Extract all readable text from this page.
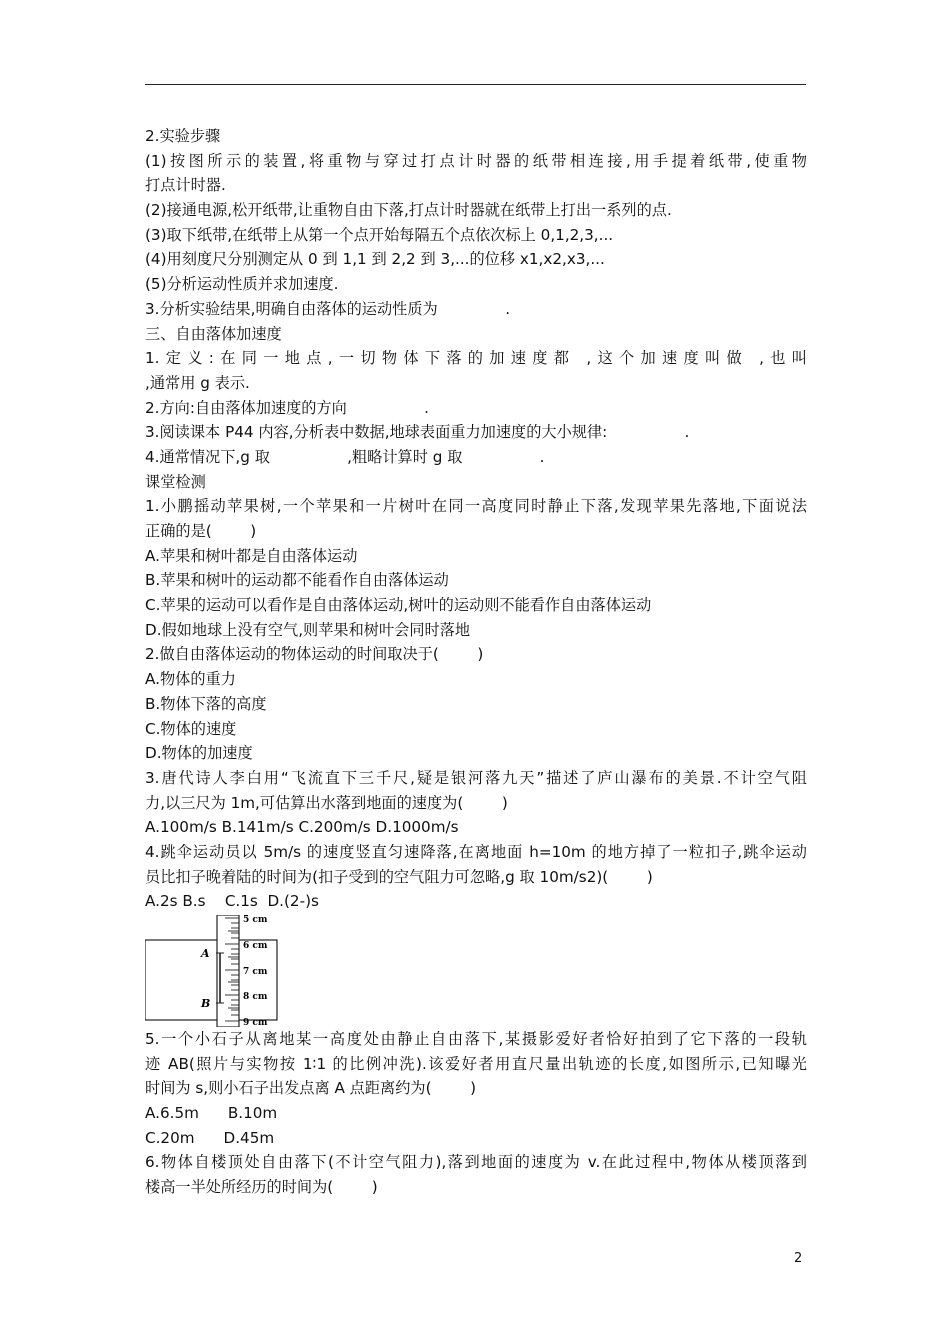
2.实验步骤
(1)按图所示的装置,将重物与穿过打点计时器的纸带相连接,用手提着纸带,使重物
打点计时器.
(2)接通电源,松开纸带,让重物自由下落,打点计时器就在纸带上打出一系列的点.
(3)取下纸带,在纸带上从第一个点开始每隔五个点依次标上 0,1,2,3,...
(4)用刻度尺分别测定从 0 到 1,1 到 2,2 到 3,...的位移 x1,x2,x3,...
(5)分析运动性质并求加速度.
3.分析实验结果,明确自由落体的运动性质为              .
三、自由落体加速度
1.定义:在同一地点,一切物体下落的加速度都 ,这个加速度叫做 ,也叫
,通常用 g 表示.
2.方向:自由落体加速度的方向                .
3.阅读课本 P44 内容,分析表中数据,地球表面重力加速度的大小规律:                .
4.通常情况下,g 取                ,粗略计算时 g 取                .
课堂检测
1.小鹏摇动苹果树,一个苹果和一片树叶在同一高度同时静止下落,发现苹果先落地,下面说法
正确的是(        )
A.苹果和树叶都是自由落体运动
B.苹果和树叶的运动都不能看作自由落体运动
C.苹果的运动可以看作是自由落体运动,树叶的运动则不能看作自由落体运动
D.假如地球上没有空气,则苹果和树叶会同时落地
2.做自由落体运动的物体运动的时间取决于(        )
A.物体的重力
B.物体下落的高度
C.物体的速度
D.物体的加速度
3.唐代诗人李白用“飞流直下三千尺,疑是银河落九天”描述了庐山瀑布的美景.不计空气阻
力,以三尺为 1m,可估算出水落到地面的速度为(        )
A.100m/s B.141m/s C.200m/s D.1000m/s
4.跳伞运动员以 5m/s 的速度竖直匀速降落,在离地面 h=10m 的地方掉了一粒扣子,跳伞运动
员比扣子晚着陆的时间为(扣子受到的空气阻力可忽略,g 取 10m/s2)(        )
A.2s B.s    C.1s  D.(2-)s
A
B
5 cm
6 cm
7 cm
8 cm
9 cm
5.一个小石子从离地某一高度处由静止自由落下,某摄影爱好者恰好拍到了它下落的一段轨
迹 AB(照片与实物按 1∶1 的比例冲洗).该爱好者用直尺量出轨迹的长度,如图所示,已知曝光
时间为 s,则小石子出发点离 A 点距离约为(        )
A.6.5m      B.10m
C.20m      D.45m
6.物体自楼顶处自由落下(不计空气阻力),落到地面的速度为 v.在此过程中,物体从楼顶落到
楼高一半处所经历的时间为(        )
2
